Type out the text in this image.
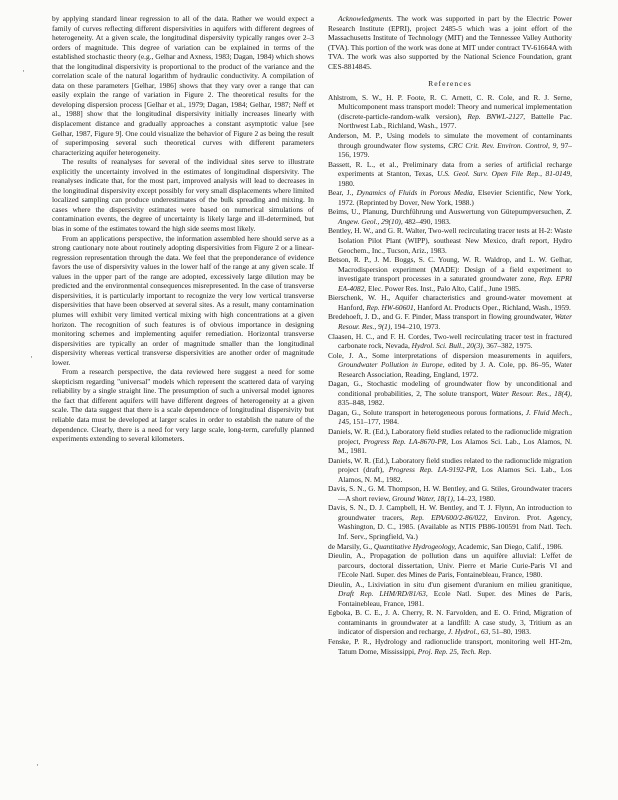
by applying standard linear regression to all of the data. Rather we would expect a family of curves reflecting different dispersivities in aquifers with different degrees of heterogeneity. At a given scale, the longitudinal dispersivity typically ranges over 2–3 orders of magnitude. This degree of variation can be explained in terms of the established stochastic theory (e.g., Gelhar and Axness, 1983; Dagan, 1984) which shows that the longitudinal dispersivity is proportional to the product of the variance and the correlation scale of the natural logarithm of hydraulic conductivity. A compilation of data on these parameters [Gelhar, 1986] shows that they vary over a range that can easily explain the range of variation in Figure 2. The theoretical results for the developing dispersion process [Gelhar et al., 1979; Dagan, 1984; Gelhar, 1987; Neff et al., 1988] show that the longitudinal dispersivity initially increases linearly with displacement distance and gradually approaches a constant asymptotic value [see Gelhar, 1987, Figure 9]. One could visualize the behavior of Figure 2 as being the result of superimposing several such theoretical curves with different parameters characterizing aquifer heterogeneity.

The results of reanalyses for several of the individual sites serve to illustrate explicitly the uncertainty involved in the estimates of longitudinal dispersivity. The reanalyses indicate that, for the most part, improved analysis will lead to decreases in the longitudinal dispersivity except possibly for very small displacements where limited localized sampling can produce underestimates of the bulk spreading and mixing. In cases where the dispersivity estimates were based on numerical simulations of contamination events, the degree of uncertainty is likely large and ill-determined, but bias in some of the estimates toward the high side seems most likely.

From an applications perspective, the information assembled here should serve as a strong cautionary note about routinely adopting dispersivities from Figure 2 or a linear-regression representation through the data. We feel that the preponderance of evidence favors the use of dispersivity values in the lower half of the range at any given scale. If values in the upper part of the range are adopted, excessively large dilution may be predicted and the environmental consequences misrepresented. In the case of transverse dispersivities, it is particularly important to recognize the very low vertical transverse dispersivities that have been observed at several sites. As a result, many contamination plumes will exhibit very limited vertical mixing with high concentrations at a given horizon. The recognition of such features is of obvious importance in designing monitoring schemes and implementing aquifer remediation. Horizontal transverse dispersivities are typically an order of magnitude smaller than the longitudinal dispersivity whereas vertical transverse dispersivities are another order of magnitude lower.

From a research perspective, the data reviewed here suggest a need for some skepticism regarding "universal" models which represent the scattered data of varying reliability by a single straight line. The presumption of such a universal model ignores the fact that different aquifers will have different degrees of heterogeneity at a given scale. The data suggest that there is a scale dependence of longitudinal dispersivity but reliable data must be developed at larger scales in order to establish the nature of the dependence. Clearly, there is a need for very large scale, long-term, carefully planned experiments extending to several kilometers.

Acknowledgments. The work was supported in part by the Electric Power Research Institute (EPRI), project 2485-5 which was a joint effort of the Massachusetts Institute of Technology (MIT) and the Tennessee Valley Authority (TVA). This portion of the work was done at MIT under contract TV-61664A with TVA. The work was also supported by the National Science Foundation, grant CES-8814845.

References

Ahlstrom, S. W., H. P. Foote, R. C. Arnett, C. R. Cole, and R. J. Serne, Multicomponent mass transport model: Theory and numerical implementation (discrete-particle-random-walk version), Rep. BNWL-2127, Battelle Pac. Northwest Lab., Richland, Wash., 1977.

Anderson, M. P., Using models to simulate the movement of contaminants through groundwater flow systems, CRC Crit. Rev. Environ. Control, 9, 97–156, 1979.

Bassett, R. L., et al., Preliminary data from a series of artificial recharge experiments at Stanton, Texas, U.S. Geol. Surv. Open File Rep., 81-0149, 1980.

Bear, J., Dynamics of Fluids in Porous Media, Elsevier Scientific, New York, 1972. (Reprinted by Dover, New York, 1988.)

Beims, U., Planung, Durchführung und Auswertung von Gütepumpversuchen, Z. Angew. Geol., 29(10), 482–490, 1983.

Bentley, H. W., and G. R. Walter, Two-well recirculating tracer tests at H-2: Waste Isolation Pilot Plant (WIPP), southeast New Mexico, draft report, Hydro Geochem., Inc., Tucson, Ariz., 1983.

Betson, R. P., J. M. Boggs, S. C. Young, W. R. Waldrop, and L. W. Gelhar, Macrodispersion experiment (MADE): Design of a field experiment to investigate transport processes in a saturated groundwater zone, Rep. EPRI EA-4082, Elec. Power Res. Inst., Palo Alto, Calif., June 1985.

Bierschenk, W. H., Aquifer characteristics and ground-water movement at Hanford, Rep. HW-60601, Hanford At. Products Oper., Richland, Wash., 1959.

Bredehoeft, J. D., and G. F. Pinder, Mass transport in flowing groundwater, Water Resour. Res., 9(1), 194–210, 1973.

Claasen, H. C., and F. H. Cordes, Two-well recirculating tracer test in fractured carbonate rock, Nevada, Hydrol. Sci. Bull., 20(3), 367–382, 1975.

Cole, J. A., Some interpretations of dispersion measurements in aquifers, Groundwater Pollution in Europe, edited by J. A. Cole, pp. 86–95, Water Research Association, Reading, England, 1972.

Dagan, G., Stochastic modeling of groundwater flow by unconditional and conditional probabilities, 2, The solute transport, Water Resour. Res., 18(4), 835–848, 1982.

Dagan, G., Solute transport in heterogeneous porous formations, J. Fluid Mech., 145, 151–177, 1984.

Daniels, W. R. (Ed.), Laboratory field studies related to the radionuclide migration project, Progress Rep. LA-8670-PR, Los Alamos Sci. Lab., Los Alamos, N. M., 1981.

Daniels, W. R. (Ed.), Laboratory field studies related to the radionuclide migration project (draft), Progress Rep. LA-9192-PR, Los Alamos Sci. Lab., Los Alamos, N. M., 1982.

Davis, S. N., G. M. Thompson, H. W. Bentley, and G. Stiles, Groundwater tracers—A short review, Ground Water, 18(1), 14–23, 1980.

Davis, S. N., D. J. Campbell, H. W. Bentley, and T. J. Flynn, An introduction to groundwater tracers, Rep. EPA/600/2-86/022, Environ. Prot. Agency, Washington, D. C., 1985. (Available as NTIS PB86-100591 from Natl. Tech. Inf. Serv., Springfield, Va.)

de Marsily, G., Quantitative Hydrogeology, Academic, San Diego, Calif., 1986.

Dieulin, A., Propagation de pollution dans un aquifère alluvial: L'effet de parcours, doctoral dissertation, Univ. Pierre et Marie Curie-Paris VI and l'Ecole Natl. Super. des Mines de Paris, Fontainebleau, France, 1980.

Dieulin, A., Lixiviation in situ d'un gisement d'uranium en milieu granitique, Draft Rep. LHM/RD/81/63, Ecole Natl. Super. des Mines de Paris, Fontainebleau, France, 1981.

Egboka, B. C. E., J. A. Cherry, R. N. Farvolden, and E. O. Frind, Migration of contaminants in groundwater at a landfill: A case study, 3, Tritium as an indicator of dispersion and recharge, J. Hydrol., 63, 51–80, 1983.

Fenske, P. R., Hydrology and radionuclide transport, monitoring well HT-2m, Tatum Dome, Mississippi, Proj. Rep. 25, Tech. Rep.

·
·
·
